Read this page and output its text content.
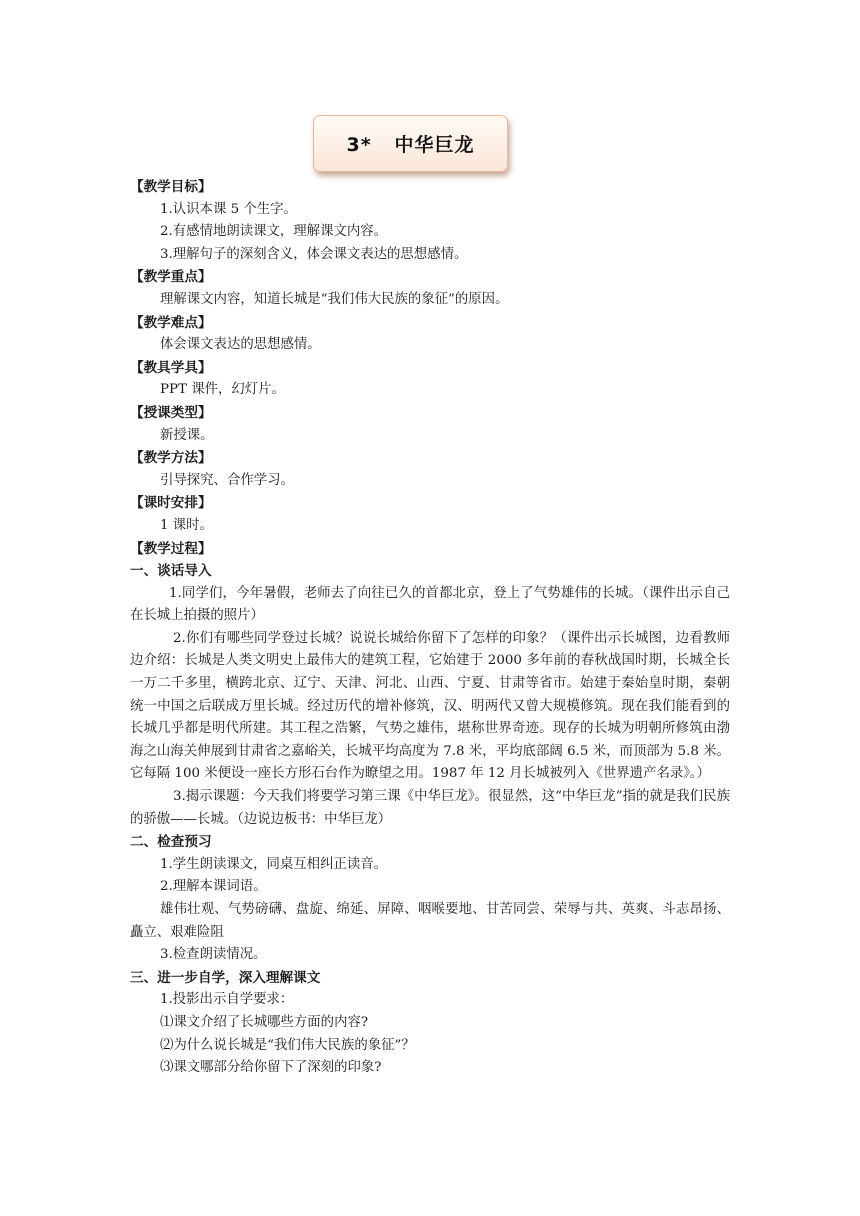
3*   中华巨龙
【教学目标】
1.认识本课 5 个生字。
2.有感情地朗读课文，理解课文内容。
3.理解句子的深刻含义，体会课文表达的思想感情。
【教学重点】
理解课文内容，知道长城是“我们伟大民族的象征”的原因。
【教学难点】
体会课文表达的思想感情。
【教具学具】
PPT 课件，幻灯片。
【授课类型】
新授课。
【教学方法】
引导探究、合作学习。
【课时安排】
1 课时。
【教学过程】
一、谈话导入
1.同学们，今年暑假，老师去了向往已久的首都北京，登上了气势雄伟的长城。（课件出示自己在长城上拍摄的照片）
2.你们有哪些同学登过长城？说说长城给你留下了怎样的印象？（课件出示长城图，边看教师边介绍：长城是人类文明史上最伟大的建筑工程，它始建于 2000 多年前的春秋战国时期，长城全长一万二千多里，横跨北京、辽宁、天津、河北、山西、宁夏、甘肃等省市。始建于秦始皇时期，秦朝统一中国之后联成万里长城。经过历代的增补修筑，汉、明两代又曾大规模修筑。现在我们能看到的长城几乎都是明代所建。其工程之浩繁，气势之雄伟，堪称世界奇迹。现存的长城为明朝所修筑由渤海之山海关伸展到甘肃省之嘉峪关，长城平均高度为 7.8 米，平均底部阔 6.5 米，而顶部为 5.8 米。它每隔 100 米便设一座长方形石台作为瞭望之用。1987 年 12 月长城被列入《世界遗产名录》。）
3.揭示课题：今天我们将要学习第三课《中华巨龙》。很显然，这“中华巨龙”指的就是我们民族的骄傲——长城。（边说边板书：中华巨龙）
二、检查预习
1.学生朗读课文，同桌互相纠正读音。
2.理解本课词语。
雄伟壮观、气势磅礴、盘旋、绵延、屏障、咽喉要地、甘苦同尝、荣辱与共、英爽、斗志昂扬、矗立、艰难险阻
3.检查朗读情况。
三、进一步自学，深入理解课文
1.投影出示自学要求：
⑴课文介绍了长城哪些方面的内容?
⑵为什么说长城是“我们伟大民族的象征”？
⑶课文哪部分给你留下了深刻的印象?
